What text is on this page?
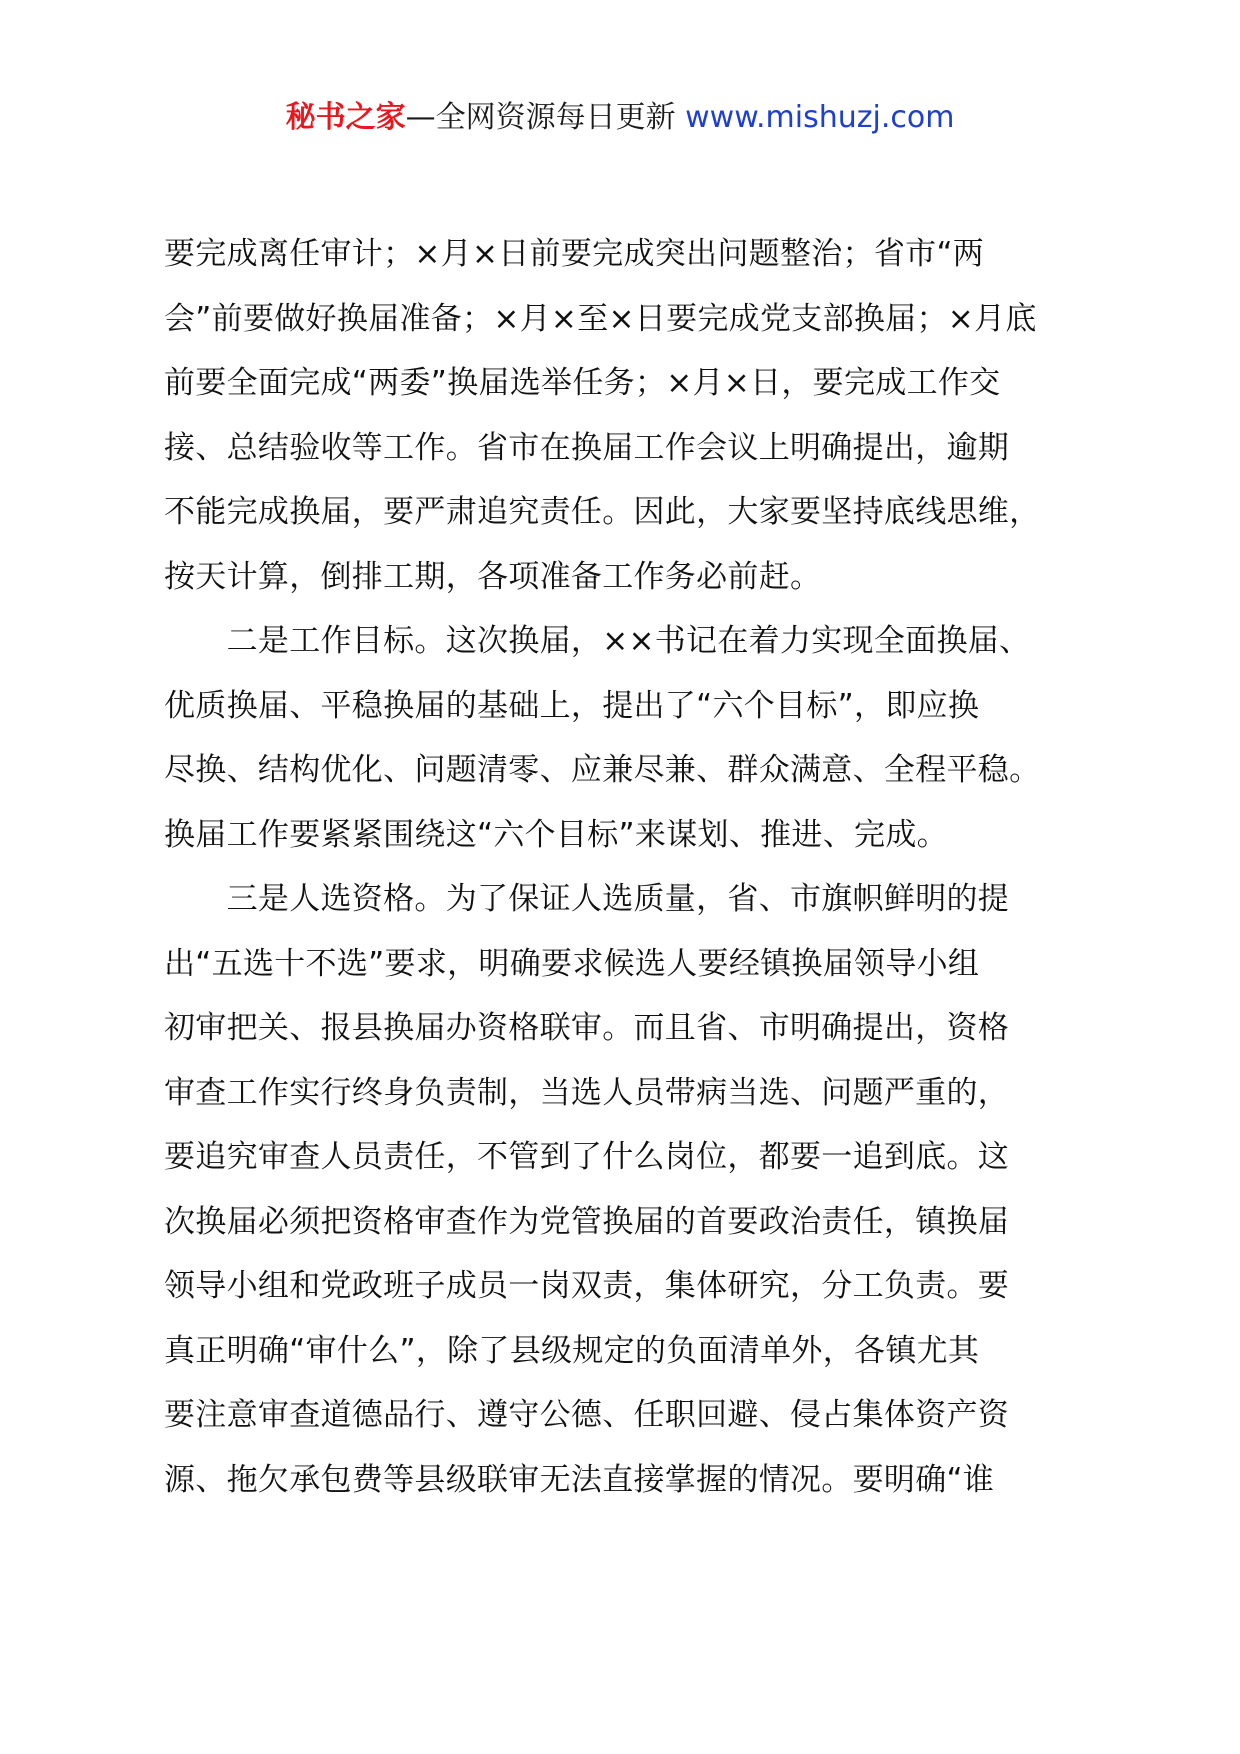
秘书之家—全网资源每日更新 www.mishuzj.com
要完成离任审计；×月×日前要完成突出问题整治；省市“两
会”前要做好换届准备；×月×至×日要完成党支部换届；×月底
前要全面完成“两委”换届选举任务；×月×日，要完成工作交
接、总结验收等工作。省市在换届工作会议上明确提出，逾期
不能完成换届，要严肃追究责任。因此，大家要坚持底线思维，
按天计算，倒排工期，各项准备工作务必前赶。
　　二是工作目标。这次换届，××书记在着力实现全面换届、
优质换届、平稳换届的基础上，提出了“六个目标”，即应换
尽换、结构优化、问题清零、应兼尽兼、群众满意、全程平稳。
换届工作要紧紧围绕这“六个目标”来谋划、推进、完成。
　　三是人选资格。为了保证人选质量，省、市旗帜鲜明的提
出“五选十不选”要求，明确要求候选人要经镇换届领导小组
初审把关、报县换届办资格联审。而且省、市明确提出，资格
审查工作实行终身负责制，当选人员带病当选、问题严重的，
要追究审查人员责任，不管到了什么岗位，都要一追到底。这
次换届必须把资格审查作为党管换届的首要政治责任，镇换届
领导小组和党政班子成员一岗双责，集体研究，分工负责。要
真正明确“审什么”，除了县级规定的负面清单外，各镇尤其
要注意审查道德品行、遵守公德、任职回避、侵占集体资产资
源、拖欠承包费等县级联审无法直接掌握的情况。要明确“谁
